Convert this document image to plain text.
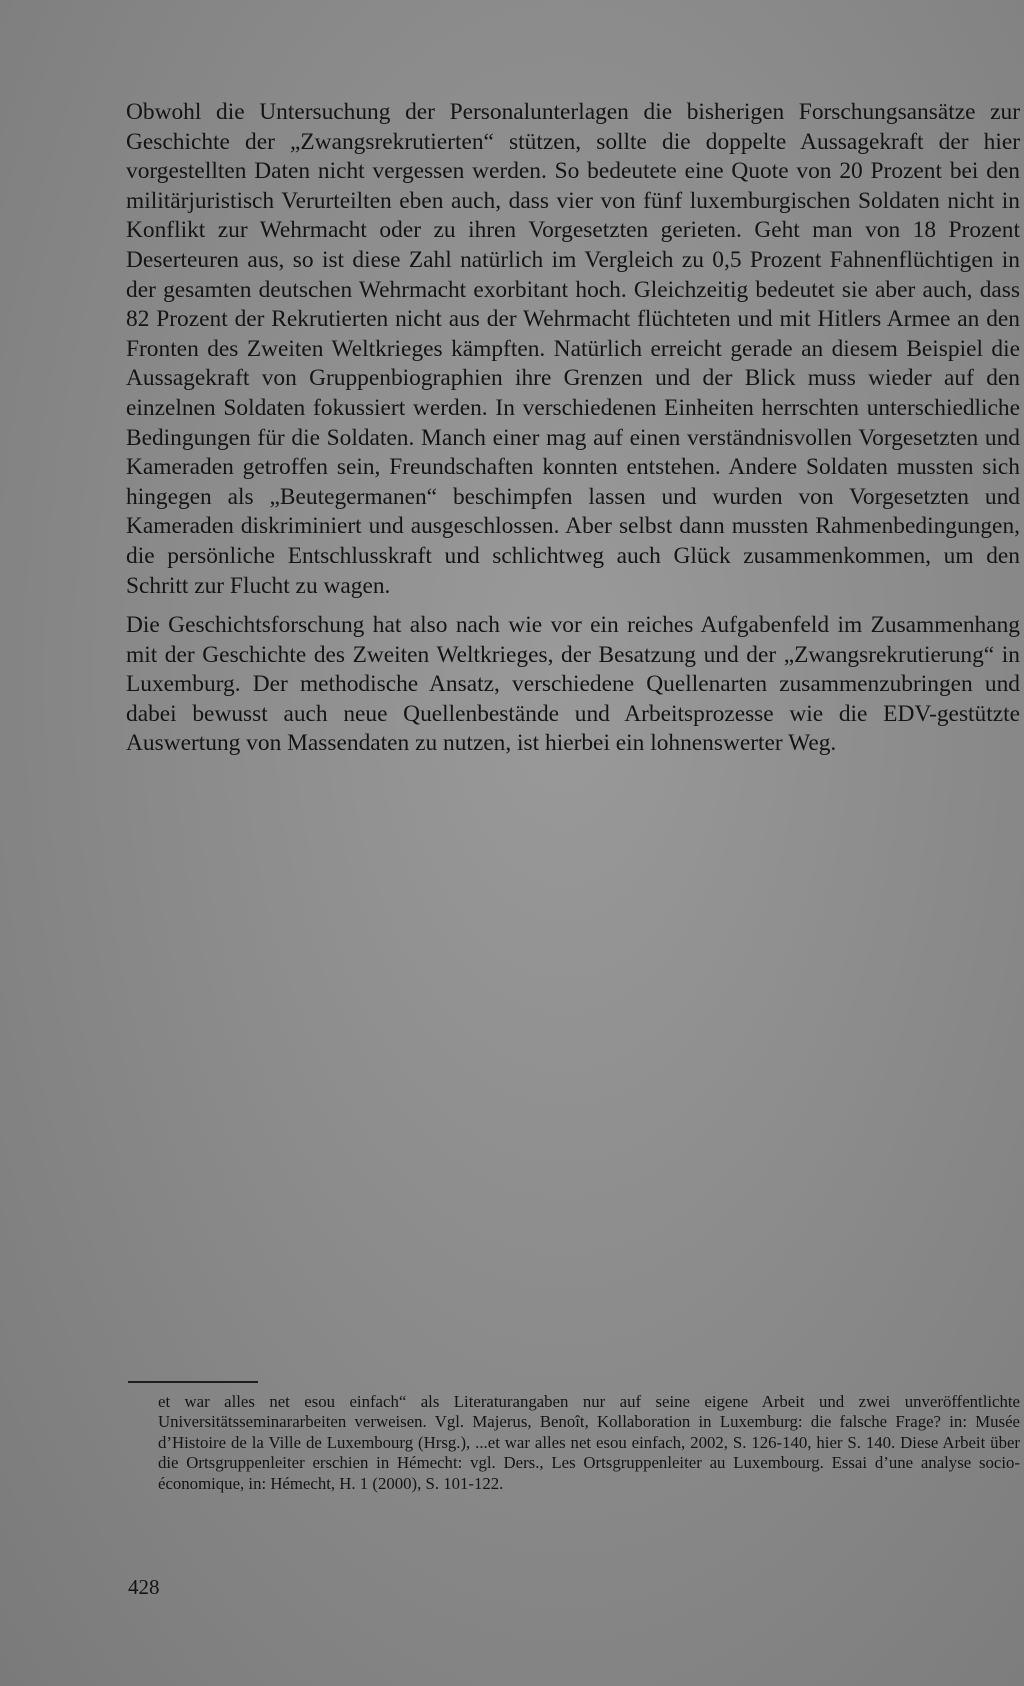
Obwohl die Untersuchung der Personalunterlagen die bisherigen Forschungsansätze zur Geschichte der „Zwangsrekrutierten“ stützen, sollte die doppelte Aussagekraft der hier vorgestellten Daten nicht vergessen werden. So bedeutete eine Quote von 20 Prozent bei den militärjuristisch Verurteilten eben auch, dass vier von fünf luxemburgischen Soldaten nicht in Konflikt zur Wehrmacht oder zu ihren Vorgesetzten gerieten. Geht man von 18 Prozent Deserteuren aus, so ist diese Zahl natürlich im Vergleich zu 0,5 Prozent Fahnenflüchtigen in der gesamten deutschen Wehrmacht exorbitant hoch. Gleichzeitig bedeutet sie aber auch, dass 82 Prozent der Rekrutierten nicht aus der Wehrmacht flüchteten und mit Hitlers Armee an den Fronten des Zweiten Weltkrieges kämpften. Natürlich erreicht gerade an diesem Beispiel die Aussagekraft von Gruppenbiographien ihre Grenzen und der Blick muss wieder auf den einzelnen Soldaten fokussiert werden. In verschiedenen Einheiten herrschten unterschiedliche Bedingungen für die Soldaten. Manch einer mag auf einen verständnisvollen Vorgesetzten und Kameraden getroffen sein, Freundschaften konnten entstehen. Andere Soldaten mussten sich hingegen als „Beutegermanen“ beschimpfen lassen und wurden von Vorgesetzten und Kameraden diskriminiert und ausgeschlossen. Aber selbst dann mussten Rahmenbedingungen, die persönliche Entschlusskraft und schlichtweg auch Glück zusammenkommen, um den Schritt zur Flucht zu wagen.

Die Geschichtsforschung hat also nach wie vor ein reiches Aufgabenfeld im Zusammenhang mit der Geschichte des Zweiten Weltkrieges, der Besatzung und der „Zwangsrekrutierung“ in Luxemburg. Der methodische Ansatz, verschiedene Quellenarten zusammenzubringen und dabei bewusst auch neue Quellenbestände und Arbeitsprozesse wie die EDV-gestützte Auswertung von Massendaten zu nutzen, ist hierbei ein lohnenswerter Weg.

et war alles net esou einfach“ als Literaturangaben nur auf seine eigene Arbeit und zwei unveröffentlichte Universitätsseminararbeiten verweisen. Vgl. Majerus, Benoît, Kollaboration in Luxemburg: die falsche Frage? in: Musée d’Histoire de la Ville de Luxembourg (Hrsg.), ...et war alles net esou einfach, 2002, S. 126-140, hier S. 140. Diese Arbeit über die Ortsgruppenleiter erschien in Hémecht: vgl. Ders., Les Ortsgruppenleiter au Luxembourg. Essai d’une analyse socio-économique, in: Hémecht, H. 1 (2000), S. 101-122.

428
